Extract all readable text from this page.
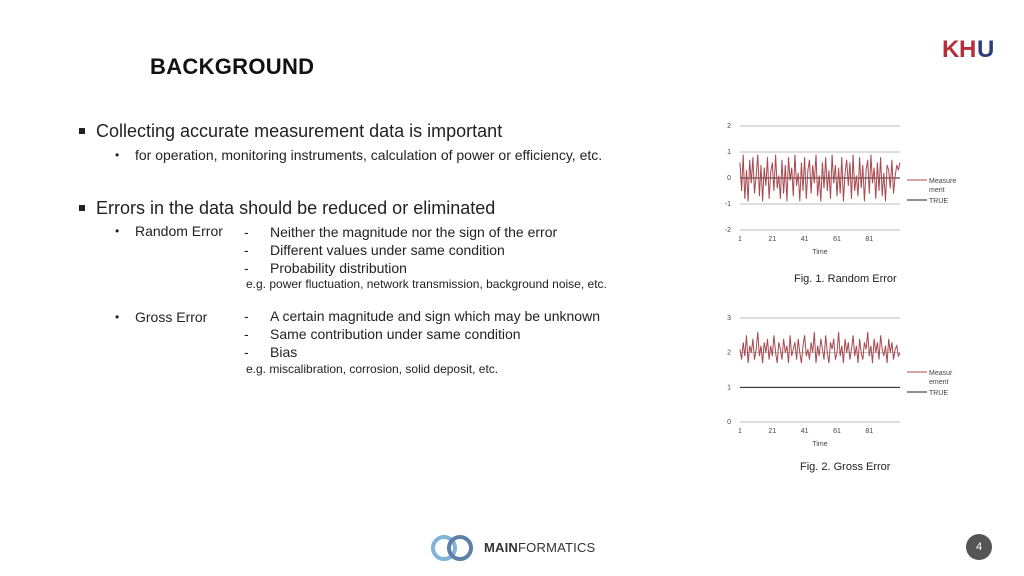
BACKGROUND
K H U
Collecting accurate measurement data is important
• for operation, monitoring instruments, calculation of power or efficiency, etc.
Errors in the data should be reduced or eliminated
• Random Error - Neither the magnitude nor the sign of the error
- Different values under same condition
- Probability distribution
e.g. power fluctuation, network transmission, background noise, etc.
• Gross Error	- A certain magnitude and sign which may be unknown
- Same contribution under same condition
- Bias
e.g. miscalibration, corrosion, solid deposit, etc.
2
1
0
-1
-2
1	21	41	61	81
Time
Measure
ment
TRUE
Fig. 1. Random Error
3
2
1
0
1	21	41	61	81
Time
Measur
ement
TRUE
Fig. 2. Gross Error
MAINFORMATICS	4
